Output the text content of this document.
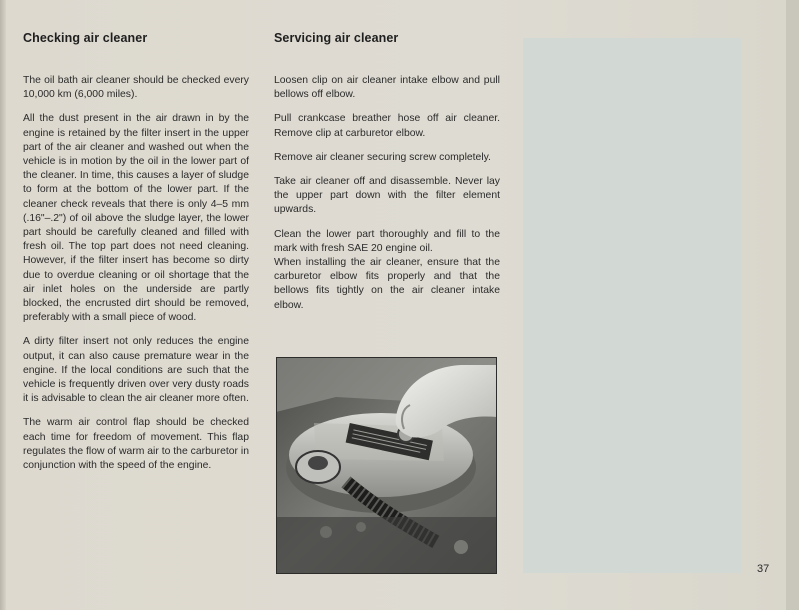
Checking air cleaner

The oil bath air cleaner should be checked every 10,000 km (6,000 miles).

All the dust present in the air drawn in by the engine is retained by the filter insert in the upper part of the air cleaner and washed out when the vehicle is in motion by the oil in the lower part of the cleaner. In time, this causes a layer of sludge to form at the bottom of the lower part. If the cleaner check reveals that there is only 4–5 mm (.16"–.2") of oil above the sludge layer, the lower part should be carefully cleaned and filled with fresh oil. The top part does not need cleaning. However, if the filter insert has become so dirty due to overdue cleaning or oil shortage that the air inlet holes on the underside are partly blocked, the encrusted dirt should be removed, preferably with a small piece of wood.

A dirty filter insert not only reduces the engine output, it can also cause premature wear in the engine. If the local conditions are such that the vehicle is frequently driven over very dusty roads it is advisable to clean the air cleaner more often.

The warm air control flap should be checked each time for freedom of movement. This flap regulates the flow of warm air to the carburetor in conjunction with the speed of the engine.

Servicing air cleaner

Loosen clip on air cleaner intake elbow and pull bellows off elbow.

Pull crankcase breather hose off air cleaner. Remove clip at carburetor elbow.

Remove air cleaner securing screw completely.

Take air cleaner off and disassemble. Never lay the upper part down with the filter element upwards.

Clean the lower part thoroughly and fill to the mark with fresh SAE 20 engine oil.

When installing the air cleaner, ensure that the carburetor elbow fits properly and that the bellows fits tightly on the air cleaner intake elbow.

37
